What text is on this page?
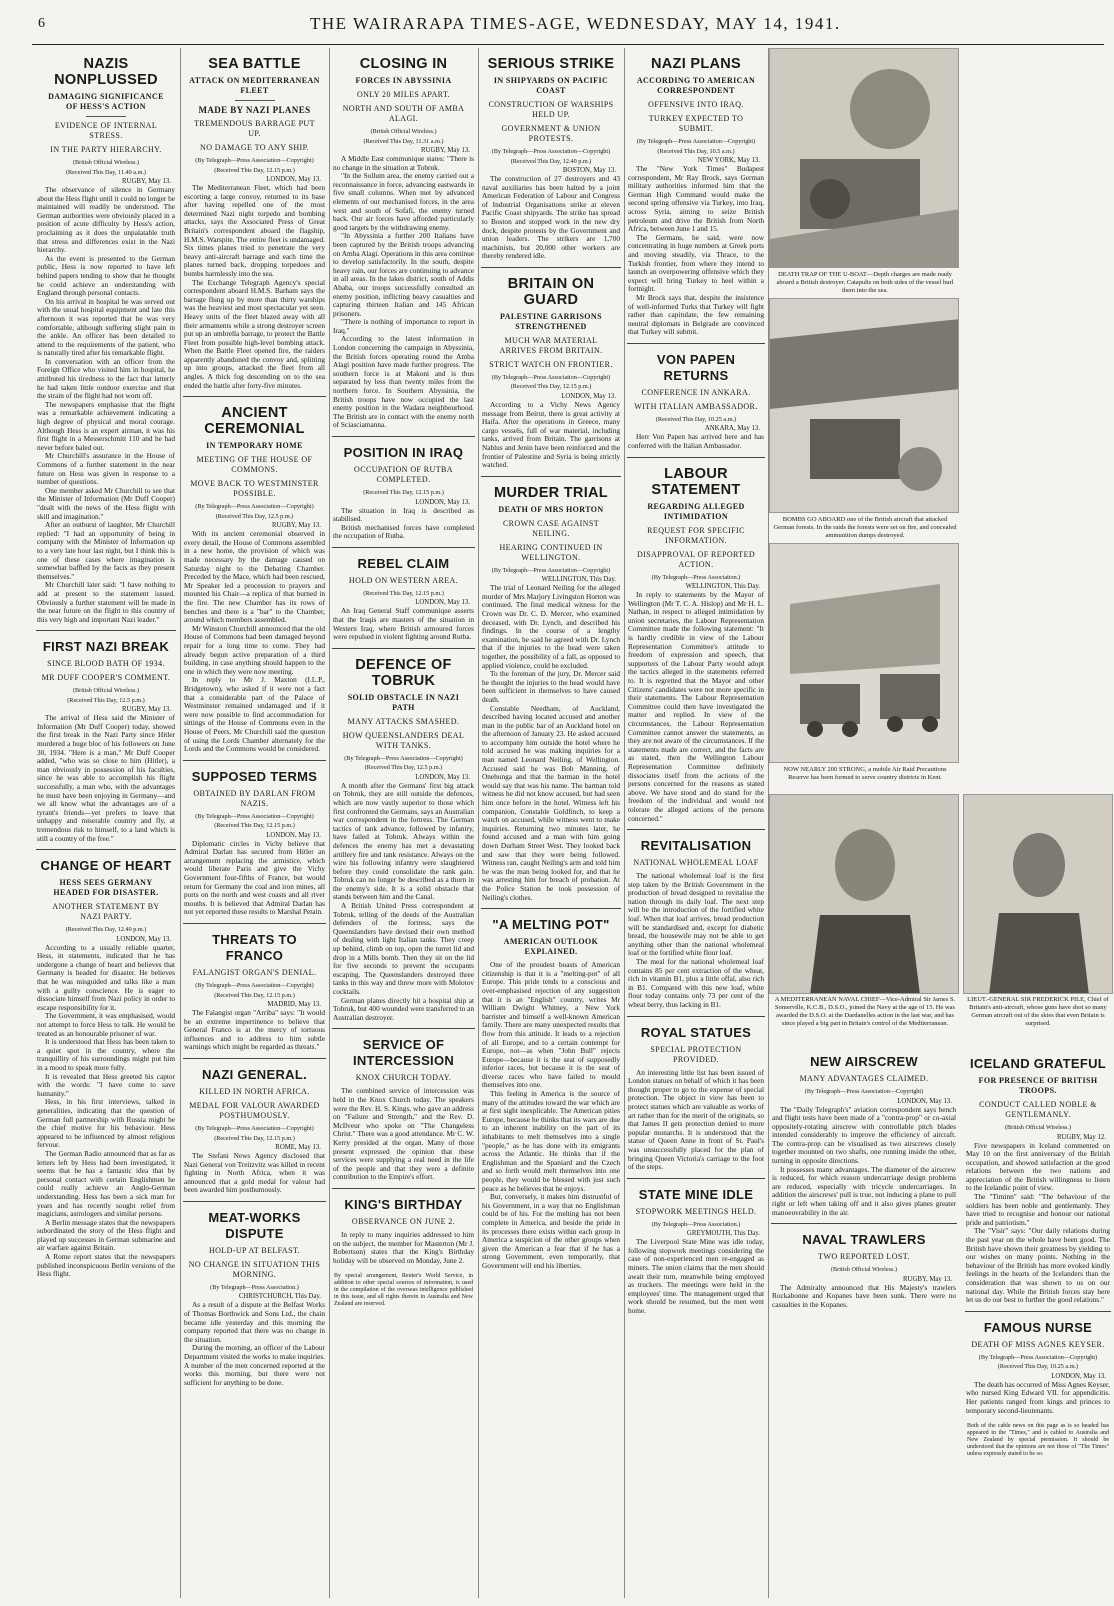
6	THE WAIRARAPA TIMES-AGE, WEDNESDAY, MAY 14, 1941.
NAZIS NONPLUSSED
DAMAGING SIGNIFICANCE OF HESS'S ACTION
EVIDENCE OF INTERNAL STRESS.
IN THE PARTY HIERARCHY.
(British Official Wireless.)
(Received This Day, 11.40 a.m.)
RUGBY, May 13.

The observance of silence in Germany about the Hess flight until it could no longer be maintained will readily be understood. The German authorities were obviously placed in a position of acute difficulty by Hess's action, proclaiming as it does the unpalatable truth that stress and differences exist in the Nazi hierarchy.

As the event is presented to the German public, Hess is now reported to have left behind papers tending to show that he thought he could achieve an understanding with England through personal contacts.

On his arrival in hospital he was served out with the usual hospital equipment and late this afternoon it was reported that he was very comfortable, although suffering slight pain in the ankle. An officer has been detailed to attend to the requirements of the patient, who is naturally tired after his remarkable flight.

In conversation with an officer from the Foreign Office who visited him in hospital, he attributed his tiredness to the fact that latterly he had taken little outdoor exercise and that the strain of the flight had not worn off.

The newspapers emphasise that the flight was a remarkable achievement indicating a high degree of physical and moral courage. Although Hess is an expert airman, it was his first flight in a Messerschmitt 110 and he had never before baled out.

Mr Churchill's assurance in the House of Commons of a further statement in the near future on Hess was given in response to a number of questions.

One member asked Mr Churchill to see that the Minister of Information (Mr Duff Cooper) "dealt with the news of the Hess flight with skill and imagination."

After an outburst of laughter, Mr Churchill replied: "I had an opportunity of being in company with the Minister of Information up to a very late hour last night, but I think this is one of these cases where imagination is somewhat baffled by the facts as they present themselves."

Mr Churchill later said: "I have nothing to add at present to the statement issued. Obviously a further statement will be made in the near future on the flight to this country of this very high and important Nazi leader."

FIRST NAZI BREAK
SINCE BLOOD BATH OF 1934.
MR DUFF COOPER'S COMMENT.
(British Official Wireless.)
(Received This Day, 12.5 p.m.)
RUGBY, May 13.

The arrival of Hess said the Minister of Information (Mr Duff Cooper) today, showed the first break in the Nazi Party since Hitler murdered a huge bloc of his followers on June 30, 1934. "Here is a man," Mr Duff Cooper added, "who was so close to him (Hitler), a man obviously in possession of his faculties, since he was able to accomplish his flight successfully, a man who, with the advantages he must have been enjoying in Germany—and we all know what the advantages are of a tyrant's friends—yet prefers to leave that unhappy and miserable country and fly, at tremendous risk to himself, to a land which is still a country of the free."

CHANGE OF HEART
HESS SEES GERMANY HEADED FOR DISASTER.
ANOTHER STATEMENT BY NAZI PARTY.
(Received This Day, 12.40 p.m.)
LONDON, May 13.

According to a usually reliable quarter, Hess, in statements, indicated that he has undergone a change of heart and believes that Germany is headed for disaster. He believes that he was misguided and talks like a man with a guilty conscience. He is eager to dissociate himself from Nazi policy in order to escape responsibility for it.

The Government, it was emphasised, would not attempt to force Hess to talk. He would be treated as an honourable prisoner of war.

It is understood that Hess has been taken to a quiet spot in the country, where the tranquillity of his surroundings might put him in a mood to speak more fully.

It is revealed that Hess greeted his captor with the words: "I have come to save humanity."

Hess, in his first interviews, talked in generalities, indicating that the question of German full partnership with Russia might be the chief motive for his behaviour. Hess appeared to be influenced by almost religious fervour.

The German Radio announced that as far as letters left by Hess had been investigated, it seems that he has a fantastic idea that by personal contact with certain Englishmen he could really achieve an Anglo-German understanding. Hess has been a sick man for years and has recently sought relief from magicians, astrologers and similar persons.

A Berlin message states that the newspapers subordinated the story of the Hess flight and played up successes in German submarine and air warfare against Britain.

A Rome report states that the newspapers published inconspicuous Berlin versions of the Hess flight.

SEA BATTLE
ATTACK ON MEDITERRANEAN FLEET
MADE BY NAZI PLANES
TREMENDOUS BARRAGE PUT UP.
NO DAMAGE TO ANY SHIP.
(By Telegraph—Press Association—Copyright)
(Received This Day, 12.15 p.m.)
LONDON, May 13.

The Mediterranean Fleet, which had been escorting a large convoy, returned to its base after having repelled one of the most determined Nazi night torpedo and bombing attacks, says the Associated Press of Great Britain's correspondent aboard the flagship, H.M.S. Warspite. The entire fleet is undamaged. Six times planes tried to penetrate the very heavy anti-aircraft barrage and each time the planes turned back, dropping torpedoes and bombs harmlessly into the sea.

The Exchange Telegraph Agency's special correspondent aboard H.M.S. Barham says the barrage flung up by more than thirty warships was the heaviest and most spectacular yet seen. Heavy units of the fleet blazed away with all their armaments while a strong destroyer screen put up an umbrella barrage, to protect the Battle Fleet from possible high-level bombing attack. When the Battle Fleet opened fire, the raiders apparently abandoned the convoy and, splitting up into groups, attacked the fleet from all angles. A thick fog descending on to the sea ended the battle after forty-five minutes.

ANCIENT CEREMONIAL
IN TEMPORARY HOME
MEETING OF THE HOUSE OF COMMONS.
MOVE BACK TO WESTMINSTER POSSIBLE.
(By Telegraph—Press Association—Copyright)
(Received This Day, 12.5 p.m.)
RUGBY, May 13.

With its ancient ceremonial observed in every detail, the House of Commons assembled in a new home, the provision of which was made necessary by the damage caused on Saturday night to the Debating Chamber. Preceded by the Mace, which had been rescued, Mr Speaker led a procession to prayers and mounted his Chair—a replica of that burned in the fire. The new Chamber has its rows of benches and there is a "bar" to the Chamber, around which members assembled.

Mr Winston Churchill announced that the old House of Commons had been damaged beyond repair for a long time to come. They had already begun active preparation of a third building, in case anything should happen to the one in which they were now meeting.

In reply to Mr J. Maxton (I.L.P., Bridgetown), who asked if it were not a fact that a considerable part of the Palace of Westminster remained undamaged and if it were now possible to find accommodation for sittings of the House of Commons even in the House of Peers, Mr Churchill said the question of using the Lords Chamber alternately for the Lords and the Commons would be considered.

SUPPOSED TERMS
OBTAINED BY DARLAN FROM NAZIS.
(By Telegraph—Press Association—Copyright)
(Received This Day, 12.15 p.m.)
LONDON, May 13.

Diplomatic circles in Vichy believe that Admiral Darlan has secured from Hitler an arrangement replacing the armistice, which would liberate Paris and give the Vichy Government four-fifths of France, but would return for Germany the coal and iron mines, all ports on the north and west coasts and all river mouths. It is believed that Admiral Darlan has not yet reported these results to Marshal Petain.

THREATS TO FRANCO
FALANGIST ORGAN'S DENIAL.
(By Telegraph—Press Association—Copyright)
(Received This Day, 12.15 p.m.)
MADRID, May 13.

The Falangist organ "Arriba" says: "It would be an extreme impertinence to believe that General Franco is at the mercy of tortuous influences and to address to him subtle warnings which might be regarded as threats."

NAZI GENERAL.
KILLED IN NORTH AFRICA.
MEDAL FOR VALOUR AWARDED POSTHUMOUSLY.
(By Telegraph—Press Association—Copyright)
(Received This Day, 12.15 p.m.)
ROME, May 13.

The Stefani News Agency disclosed that Nazi General von Treitzvitz was killed in recent fighting in North Africa, when it was announced that a gold medal for valour had been awarded him posthumously.

MEAT-WORKS DISPUTE
HOLD-UP AT BELFAST.
NO CHANGE IN SITUATION THIS MORNING.
(By Telegraph—Press Association.)
CHRISTCHURCH, This Day.

As a result of a dispute at the Belfast Works of Thomas Borthwick and Sons Ltd., the chain became idle yesterday and this morning the company reported that there was no change in the situation.

During the morning, an officer of the Labour Department visited the works to make inquiries. A number of the men concerned reported at the works this morning, but there were not sufficient for anything to be done.

CLOSING IN
FORCES IN ABYSSINIA
ONLY 20 MILES APART.
NORTH AND SOUTH OF AMBA ALAGI.
(British Official Wireless.)
(Received This Day, 11.31 a.m.)
RUGBY, May 13.

A Middle East communique states: "There is no change in the situation at Tobruk.

"In the Sollum area, the enemy carried out a reconnaissance in force, advancing eastwards in five small columns. When met by advanced elements of our mechanised forces, in the area west and south of Sofafi, the enemy turned back. Our air forces have afforded particularly good targets by the withdrawing enemy.

"In Abyssinia a further 200 Italians have been captured by the British troops advancing on Amba Alagi. Operations in this area continue to develop satisfactorily. In the south, despite heavy rain, our forces are continuing to advance in all areas. In the lakes district, south of Addis Ababa, our troops successfully consulted an enemy position, inflicting heavy casualties and capturing thirteen Italian and 145 African prisoners.

"There is nothing of importance to report in Iraq."

According to the latest information in London concerning the campaign in Abyssinia, the British forces operating round the Amba Alagi position have made further progress. The southern force is at Makoni and is thus separated by less than twenty miles from the northern force. In Southern Abyssinia, the British troops have now occupied the last enemy position in the Wadara neighbourhood. The British are in contact with the enemy north of Sciasciamanna.

POSITION IN IRAQ
OCCUPATION OF RUTBA COMPLETED.
(Received This Day, 12.15 p.m.)
LONDON, May 13.

The situation in Iraq is described as stabilised.

British mechanised forces have completed the occupation of Rutba.

REBEL CLAIM
HOLD ON WESTERN AREA.
(Received This Day, 12.15 p.m.)
LONDON, May 13.

An Iraq General Staff communique asserts that the Iraqis are masters of the situation in Western Iraq, where British armoured forces were repulsed in violent fighting around Rutba.

DEFENCE OF TOBRUK
SOLID OBSTACLE IN NAZI PATH
MANY ATTACKS SMASHED.
HOW QUEENSLANDERS DEAL WITH TANKS.
(By Telegraph—Press Association—Copyright)
(Received This Day, 12.5 p.m.)
LONDON, May 13.

A month after the Germans' first big attack on Tobruk, they are still outside the defences, which are now vastly superior to those which first confronted the Germans, says an Australian war correspondent in the fortress. The German tactics of tank advance, followed by infantry, have failed at Tobruk. Always within the defences the enemy has met a devastating artillery fire and tank resistance. Always on the wire his following infantry were slaughtered before they could consolidate the tank gain. Tobruk can no longer be described as a thorn in the enemy's side. It is a solid obstacle that stands between him and the Canal.

A British United Press correspondent at Tobruk, telling of the deeds of the Australian defenders of the fortress, says the Queenslanders have devised their own method of dealing with light Italian tanks. They creep up behind, climb on top, open the turret lid and drop in a Mills bomb. Then they sit on the lid for five seconds to prevent the occupants escaping. The Queenslanders destroyed three tanks in this way and threw more with Molotov cocktails.

German planes directly hit a hospital ship at Tobruk, but 400 wounded were transferred to an Australian destroyer.

SERVICE OF INTERCESSION
KNOX CHURCH TODAY.

The combined service of intercession was held in the Knox Church today. The speakers were the Rev. H. S. Kings, who gave an address on "Failure and Strength," and the Rev. D. McIlveur who spoke on "The Changeless Christ." There was a good attendance. Mr C. W. Kerry presided at the organ. Many of those present expressed the opinion that these services were supplying a real need in the life of the people and that they were a definite contribution to the Empire's effort.

KING'S BIRTHDAY
OBSERVANCE ON JUNE 2.

In reply to many inquiries addressed to him on the subject, the member for Masterton (Mr J. Robertson) states that the King's Birthday holiday will be observed on Monday, June 2.

By special arrangement, Reuter's World Service, in addition to other special sources of information, is used in the compilation of the overseas intelligence published in this issue, and all rights therein in Australia and New Zealand are reserved.
SERIOUS STRIKE
IN SHIPYARDS ON PACIFIC COAST
CONSTRUCTION OF WARSHIPS HELD UP.
GOVERNMENT & UNION PROTESTS.
(By Telegraph—Press Association—Copyright)
(Received This Day, 12.40 p.m.)
BOSTON, May 13.

The construction of 27 destroyers and 43 naval auxiliaries has been halted by a joint American Federation of Labour and Congress of Industrial Organisations strike at eleven Pacific Coast shipyards. The strike has spread to Boston and stopped work in the new dry dock, despite protests by the Government and union leaders. The strikers are 1,700 machinists, but 20,000 other workers are thereby rendered idle.

BRITAIN ON GUARD
PALESTINE GARRISONS STRENGTHENED
MUCH WAR MATERIAL ARRIVES FROM BRITAIN.
STRICT WATCH ON FRONTIER.
(By Telegraph—Press Association—Copyright)
(Received This Day, 12.15 p.m.)
LONDON, May 13.

According to a Vichy News Agency message from Beirut, there is great activity at Haifa. After the operations in Greece, many cargo vessels, full of war material, including tanks, arrived from Britain. The garrisons at Nablus and Jenin have been reinforced and the frontier of Palestine and Syria is being strictly watched.

MURDER TRIAL
DEATH OF MRS HORTON
CROWN CASE AGAINST NEILING.
HEARING CONTINUED IN WELLINGTON.
(By Telegraph—Press Association—Copyright)
WELLINGTON, This Day.

The trial of Leonard Neiling for the alleged murder of Mrs Marjory Livingston Horton was continued. The final medical witness for the Crown was Dr. C. D. Mercer, who examined deceased, with Dr. Lynch, and described his findings. In the course of a lengthy examination, he said he agreed with Dr. Lynch that if the injuries to the head were taken together, the possibility of a fall, as opposed to applied violence, could be excluded.

To the foreman of the jury, Dr. Mercer said he thought the injuries to the head would have been sufficient in themselves to have caused death.

Constable Needham, of Auckland, described having located accused and another man in the public bar of an Auckland hotel on the afternoon of January 23. He asked accused to accompany him outside the hotel where he told accused he was making inquiries for a man named Leonard Neiling, of Wellington. Accused said he was Bob Manning, of Onehunga and that the barman in the hotel would say that was his name. The barman told witness he did not know accused, but had seen him once before in the hotel. Witness left his companion, Constable Goldfinch, to keep a watch on accused, while witness went to make inquiries. Returning two minutes later, he found accused and a man with him going down Durham Street West. They looked back and saw that they were being followed. Witness ran, caught Neiling's arm and told him he was the man being looked for, and that he was arresting him for breach of probation. At the Police Station he took possession of Neiling's clothes.

"A MELTING POT"
AMERICAN OUTLOOK EXPLAINED.

One of the proudest boasts of American citizenship is that it is a "melting-pot" of all Europe. This pride tends to a conscious and over-emphasised rejection of any suggestion that it is an "English" country, writes Mr William Dwight Whitney, a New York barrister and himself a well-known American family. There are many unexpected results that flow from this attitude. It leads to a rejection of all Europe, and to a certain contempt for Europe, not—as when "John Bull" rejects Europe—because it is the seat of supposedly inferior races, but because it is the seat of diverse races who have failed to mould themselves into one.

This feeling in America is the source of many of the attitudes toward the war which are at first sight inexplicable. The American pities Europe, because he thinks that its wars are due to an inherent inability on the part of its inhabitants to melt themselves into a single "people," as he has done with its emigrants across the Atlantic. He thinks that if the Englishman and the Spaniard and the Czech and so forth would melt themselves into one people, they would be blessed with just such peace as he believes that he enjoys.

But, conversely, it makes him distrustful of his Government, in a way that no Englishman could be of his. For the melting has not been complete in America, and beside the pride in its processes there exists within each group in America a suspicion of the other groups when given the American a fear that if he has a strong Government, even temporarily, that Government will end his liberties.

NAZI PLANS
ACCORDING TO AMERICAN CORRESPONDENT
OFFENSIVE INTO IRAQ.
TURKEY EXPECTED TO SUBMIT.
(By Telegraph—Press Association—Copyright)
(Received This Day, 10.5 a.m.)
NEW YORK, May 13.

The "New York Times" Budapest correspondent, Mr Ray Brock, says German military authorities informed him that the German High Command would make the second spring offensive via Turkey, into Iraq, across Syria, aiming to seize British petroleum and drive the British from North Africa, between June 1 and 15.

The Germans, he said, were now concentrating in huge numbers at Greek ports and moving steadily, via Thrace, to the Turkish frontier, from where they intend to launch an overpowering offensive which they expect will bring Turkey to heel within a fortnight.

Mr Brock says that, despite the insistence of well-informed Turks that Turkey will fight rather than capitulate, the few remaining neutral diplomats in Belgrade are convinced that Turkey will submit.

VON PAPEN RETURNS
CONFERENCE IN ANKARA.
WITH ITALIAN AMBASSADOR.
(Received This Day, 10.25 a.m.)
ANKARA, May 13.

Herr Von Papen has arrived here and has conferred with the Italian Ambassador.

LABOUR STATEMENT
REGARDING ALLEGED INTIMIDATION
REQUEST FOR SPECIFIC INFORMATION.
DISAPPROVAL OF REPORTED ACTION.
(By Telegraph—Press Association.)
WELLINGTON, This Day.

In reply to statements by the Mayor of Wellington (Mr T. C. A. Hislop) and Mr H. L. Nathan, in respect to alleged intimidation by union secretaries, the Labour Representation Committee made the following statement: "It is hardly credible in view of the Labour Representation Committee's attitude to freedom of expression and speech, that supporters of the Labour Party would adopt the tactics alleged in the statements referred to. It is regretted that the Mayor and other Citizens' candidates were not more specific in their statements. The Labour Representation Committee could then have investigated the matter and replied. In view of the circumstances, the Labour Representation Committee cannot answer the statements, as they are not aware of the circumstances. If the statements made are correct, and the facts are as stated, then the Wellington Labour Representation Committee definitely dissociates itself from the actions of the persons concerned for the reasons as stated above. We have stood and do stand for the freedom of the individual and would not tolerate the alleged actions of the persons concerned."

REVITALISATION
NATIONAL WHOLEMEAL LOAF

The national wholemeal loaf is the first step taken by the British Government in the production of bread designed to revitalise the nation through its daily loaf. The next step will be the introduction of the fortified white loaf. When that loaf arrives, bread production will be standardised and, except for diabetic bread, the housewife may not be able to get anything other than the national wholemeal loaf or the fortified white flour loaf.

The meal for the national wholemeal loaf contains 85 per cent extraction of the wheat, rich in vitamin B1, plus a little offal, also rich in B1. Compared with this new loaf, white flour today contains only 73 per cent of the wheat berry, thus lacking in B1.

ROYAL STATUES
SPECIAL PROTECTION PROVIDED.

An interesting little list has been issued of London statues on behalf of which it has been thought proper to go to the expense of special protection. The object in view has been to protect statues which are valuable as works of art rather than for the merit of the originals, so that James II gets protection denied to more popular monarchs. It is understood that the statue of Queen Anne in front of St. Paul's was unsuccessfully placed for the plan of bringing Queen Victoria's carriage to the foot of the steps.

STATE MINE IDLE
STOPWORK MEETINGS HELD.
(By Telegraph—Press Association.)
GREYMOUTH, This Day.

The Liverpool State Mine was idle today, following stopwork meetings considering the case of non-experienced men re-engaged as miners. The union claims that the men should await their turn, meanwhile being employed as truckers. The meetings were held in the employees' time. The management urged that work should be resumed, but the men went home.

DEATH TRAP OF THE U-BOAT—Depth charges are made ready aboard a British destroyer. Catapults on both sides of the vessel hurl them into the sea.
BOMBS GO ABOARD one of the British aircraft that attacked German forests. In the raids the forests were set on fire, and concealed ammunition dumps destroyed.
NOW NEARLY 200 STRONG, a mobile Air Raid Precautions Reserve has been formed to serve country districts in Kent.
A MEDITERRANEAN NAVAL CHIEF—Vice-Admiral Sir James S. Somerville, K.C.B., D.S.O., joined the Navy at the age of 15. He was awarded the D.S.O. at the Dardanelles action in the last war, and has since played a big part in Britain's control of the Mediterranean.
LIEUT.-GENERAL SIR FREDERICK PILE, Chief of Britain's anti-aircraft, whose guns have shot so many German aircraft out of the skies that even Britain is surprised.
NEW AIRSCREW
MANY ADVANTAGES CLAIMED.
(By Telegraph—Press Association—Copyright)
LONDON, May 13.

The "Daily Telegraph's" aviation correspondent says bench and flight tests have been made of a "contra-prop" or co-axial oppositely-rotating airscrew with controllable pitch blades intended considerably to improve the efficiency of aircraft. The contra-prop can be visualised as two airscrews closely together mounted on two shafts, one running inside the other, turning in opposite directions.

It possesses many advantages. The diameter of the airscrew is reduced, for which reason undercarriage design problems are reduced, especially with tricycle undercarriages. In addition the airscrews' pull is true, not inducing a plane to pull right or left when taking off and it also gives planes greater manoeuvrability in the air.

NAVAL TRAWLERS
TWO REPORTED LOST.
(British Official Wireless.)
RUGBY, May 13.

The Admiralty announced that His Majesty's trawlers Rockabonne and Kopanes have been sunk. There were no casualties in the Kopanes.

ICELAND GRATEFUL
FOR PRESENCE OF BRITISH TROOPS.
CONDUCT CALLED NOBLE & GENTLEMANLY.
(British Official Wireless.)
RUGBY, May 12.

Five newspapers in Iceland commented on May 10 on the first anniversary of the British occupation, and showed satisfaction at the good relations between the two nations and appreciation of the British willingness to listen to the Icelandic point of view.

The "Timinn" said: "The behaviour of the soldiers has been noble and gentlemanly. They have tried to recognise and honour our national pride and patriotism."

The "Visir" says: "Our daily relations during the past year on the whole have been good. The British have shown their greatness by yielding to our wishes on many points. Nothing in the behaviour of the British has more evoked kindly feelings in the hearts of the Icelanders than the consideration that was shown to us on our national day. While the British forces stay here let us do our best to further the good relations."

FAMOUS NURSE
DEATH OF MISS AGNES KEYSER.
(By Telegraph—Press Association—Copyright)
(Received This Day, 10.25 a.m.)
LONDON, May 13.

The death has occurred of Miss Agnes Keyser, who nursed King Edward VII. for appendicitis. Her patients ranged from kings and princes to temporary second-lieutenants.

Both of the cable news on this page as is so headed has appeared in the "Times," and is cabled to Australia and New Zealand by special permission. It should be understood that the opinions are not those of "The Times" unless expressly stated to be so.
